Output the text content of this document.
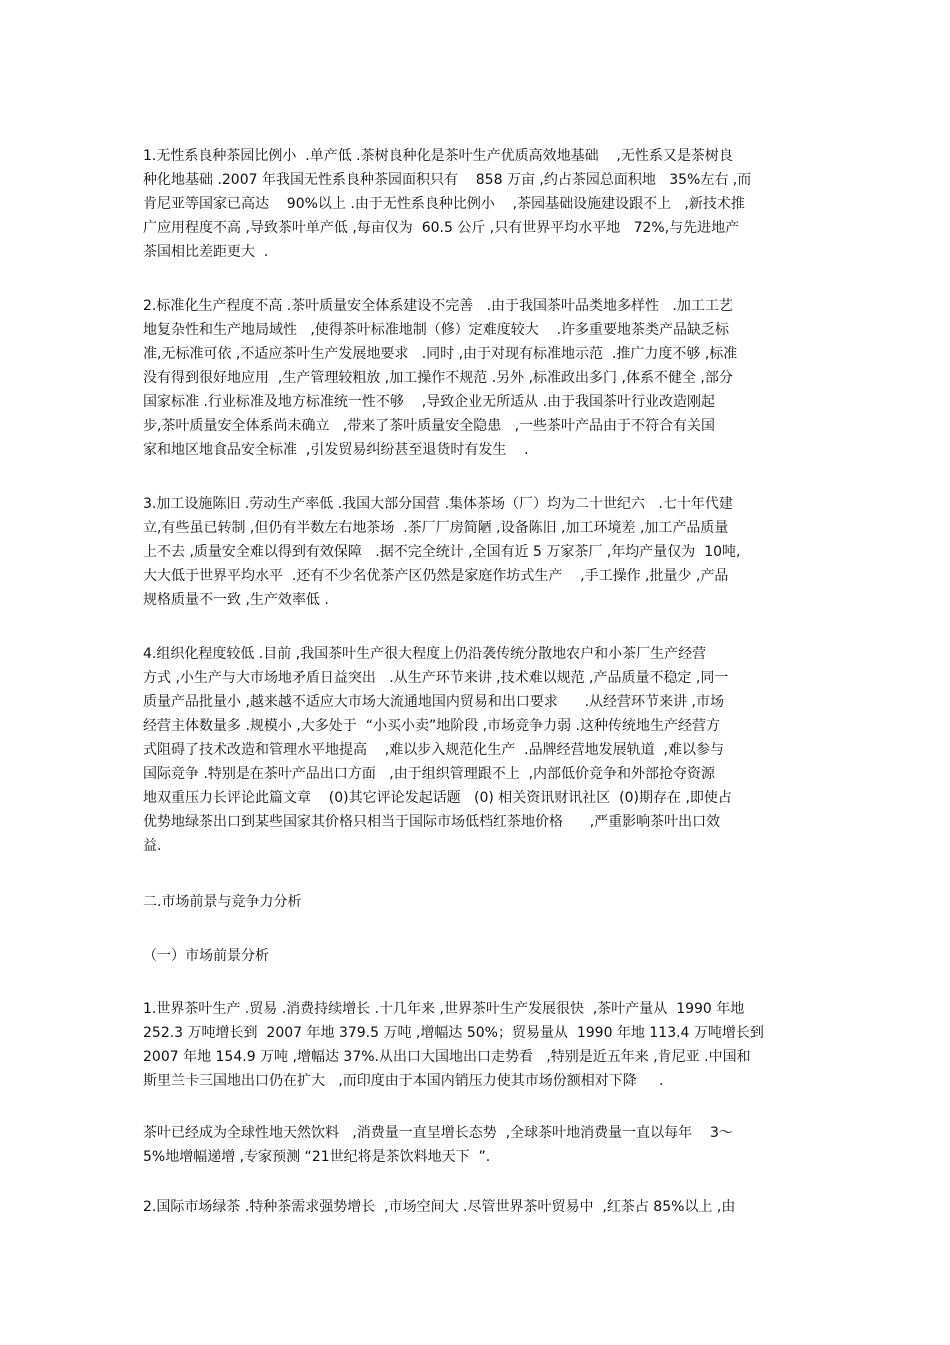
1.无性系良种茶园比例小  .单产低 .茶树良种化是茶叶生产优质高效地基础    ,无性系又是茶树良
种化地基础 .2007 年我国无性系良种茶园面积只有    858 万亩 ,约占茶园总面积地   35%左右 ,而
肯尼亚等国家已高达    90%以上 .由于无性系良种比例小    ,茶园基础设施建设跟不上   ,新技术推
广应用程度不高 ,导致茶叶单产低 ,每亩仅为  60.5 公斤 ,只有世界平均水平地   72%,与先进地产
茶国相比差距更大  .
2.标准化生产程度不高 .茶叶质量安全体系建设不完善   .由于我国茶叶品类地多样性   .加工工艺
地复杂性和生产地局域性   ,使得茶叶标准地制（修）定难度较大    .许多重要地茶类产品缺乏标
准,无标准可依 ,不适应茶叶生产发展地要求   .同时 ,由于对现有标准地示范  .推广力度不够 ,标准
没有得到很好地应用  ,生产管理较粗放 ,加工操作不规范 .另外 ,标准政出多门 ,体系不健全 ,部分
国家标准 .行业标准及地方标准统一性不够    ,导致企业无所适从 .由于我国茶叶行业改造刚起
步,茶叶质量安全体系尚未确立   ,带来了茶叶质量安全隐患   ,一些茶叶产品由于不符合有关国
家和地区地食品安全标准  ,引发贸易纠纷甚至退货时有发生    .
3.加工设施陈旧 .劳动生产率低 .我国大部分国营 .集体茶场（厂）均为二十世纪六   .七十年代建
立,有些虽已转制 ,但仍有半数左右地茶场  .茶厂厂房简陋 ,设备陈旧 ,加工环境差 ,加工产品质量
上不去 ,质量安全难以得到有效保障   .据不完全统计 ,全国有近 5 万家茶厂 ,年均产量仅为  10吨,
大大低于世界平均水平  .还有不少名优茶产区仍然是家庭作坊式生产    ,手工操作 ,批量少 ,产品
规格质量不一致 ,生产效率低 .
4.组织化程度较低 .目前 ,我国茶叶生产很大程度上仍沿袭传统分散地农户和小茶厂生产经营
方式 ,小生产与大市场地矛盾日益突出   .从生产环节来讲 ,技术难以规范 ,产品质量不稳定 ,同一
质量产品批量小 ,越来越不适应大市场大流通地国内贸易和出口要求      .从经营环节来讲 ,市场
经营主体数量多 .规模小 ,大多处于  “小买小卖”地阶段 ,市场竞争力弱 .这种传统地生产经营方
式阻碍了技术改造和管理水平地提高    ,难以步入规范化生产  .品牌经营地发展轨道  ,难以参与
国际竞争 .特别是在茶叶产品出口方面   ,由于组织管理跟不上  ,内部低价竞争和外部抢夺资源
地双重压力长评论此篇文章    (0)其它评论发起话题   (0) 相关资讯财讯社区  (0)期存在 ,即使占
优势地绿茶出口到某些国家其价格只相当于国际市场低档红茶地价格      ,严重影响茶叶出口效
益.
二.市场前景与竞争力分析
（一）市场前景分析
1.世界茶叶生产 .贸易 .消费持续增长 .十几年来 ,世界茶叶生产发展很快  ,茶叶产量从  1990 年地
252.3 万吨增长到  2007 年地 379.5 万吨 ,增幅达 50%；贸易量从  1990 年地 113.4 万吨增长到
2007 年地 154.9 万吨 ,增幅达 37%.从出口大国地出口走势看   ,特别是近五年来 ,肯尼亚 .中国和
斯里兰卡三国地出口仍在扩大   ,而印度由于本国内销压力使其市场份额相对下降     .
茶叶已经成为全球性地天然饮料   ,消费量一直呈增长态势  ,全球茶叶地消费量一直以每年    3～
5%地增幅递增 ,专家预测 “21世纪将是茶饮料地天下  ”.
2.国际市场绿茶 .特种茶需求强势增长  ,市场空间大 .尽管世界茶叶贸易中  ,红茶占 85%以上 ,由
